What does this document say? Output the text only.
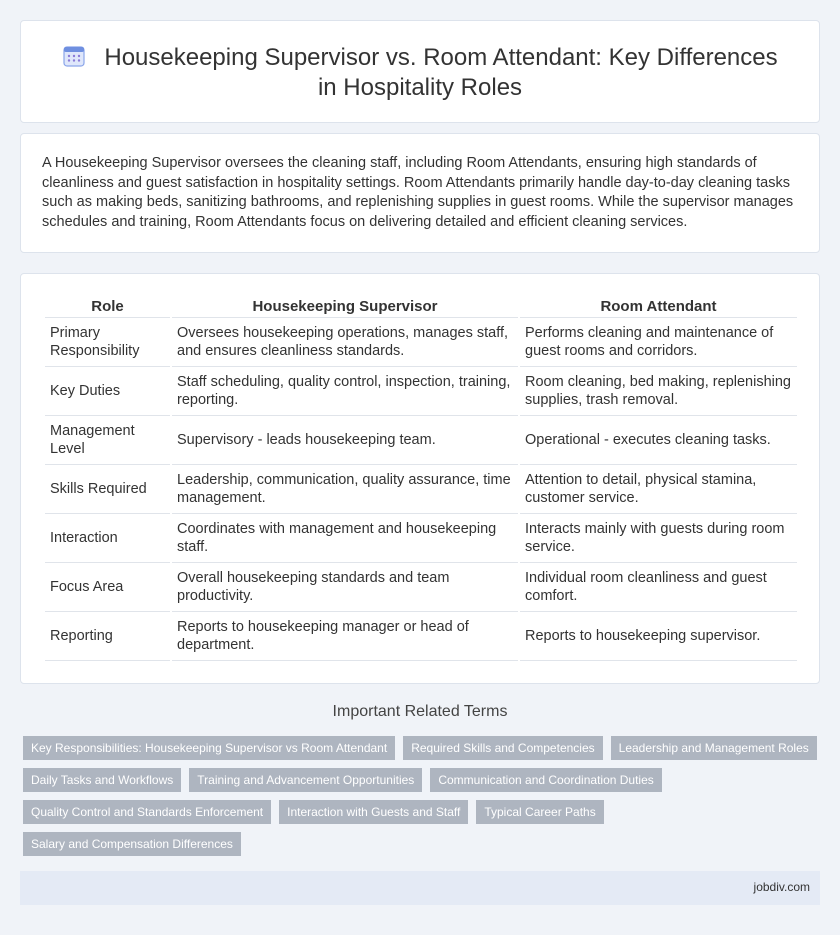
Housekeeping Supervisor vs. Room Attendant: Key Differences in Hospitality Roles

A Housekeeping Supervisor oversees the cleaning staff, including Room Attendants, ensuring high standards of cleanliness and guest satisfaction in hospitality settings. Room Attendants primarily handle day-to-day cleaning tasks such as making beds, sanitizing bathrooms, and replenishing supplies in guest rooms. While the supervisor manages schedules and training, Room Attendants focus on delivering detailed and efficient cleaning services.

Role	Housekeeping Supervisor	Room Attendant
Primary Responsibility	Oversees housekeeping operations, manages staff, and ensures cleanliness standards.	Performs cleaning and maintenance of guest rooms and corridors.
Key Duties	Staff scheduling, quality control, inspection, training, reporting.	Room cleaning, bed making, replenishing supplies, trash removal.
Management Level	Supervisory - leads housekeeping team.	Operational - executes cleaning tasks.
Skills Required	Leadership, communication, quality assurance, time management.	Attention to detail, physical stamina, customer service.
Interaction	Coordinates with management and housekeeping staff.	Interacts mainly with guests during room service.
Focus Area	Overall housekeeping standards and team productivity.	Individual room cleanliness and guest comfort.
Reporting	Reports to housekeeping manager or head of department.	Reports to housekeeping supervisor.
Important Related Terms
Key Responsibilities: Housekeeping Supervisor vs Room Attendant	Required Skills and Competencies	Leadership and Management Roles
Daily Tasks and Workflows	Training and Advancement Opportunities	Communication and Coordination Duties
Quality Control and Standards Enforcement	Interaction with Guests and Staff	Typical Career Paths
Salary and Compensation Differences
jobdiv.com
